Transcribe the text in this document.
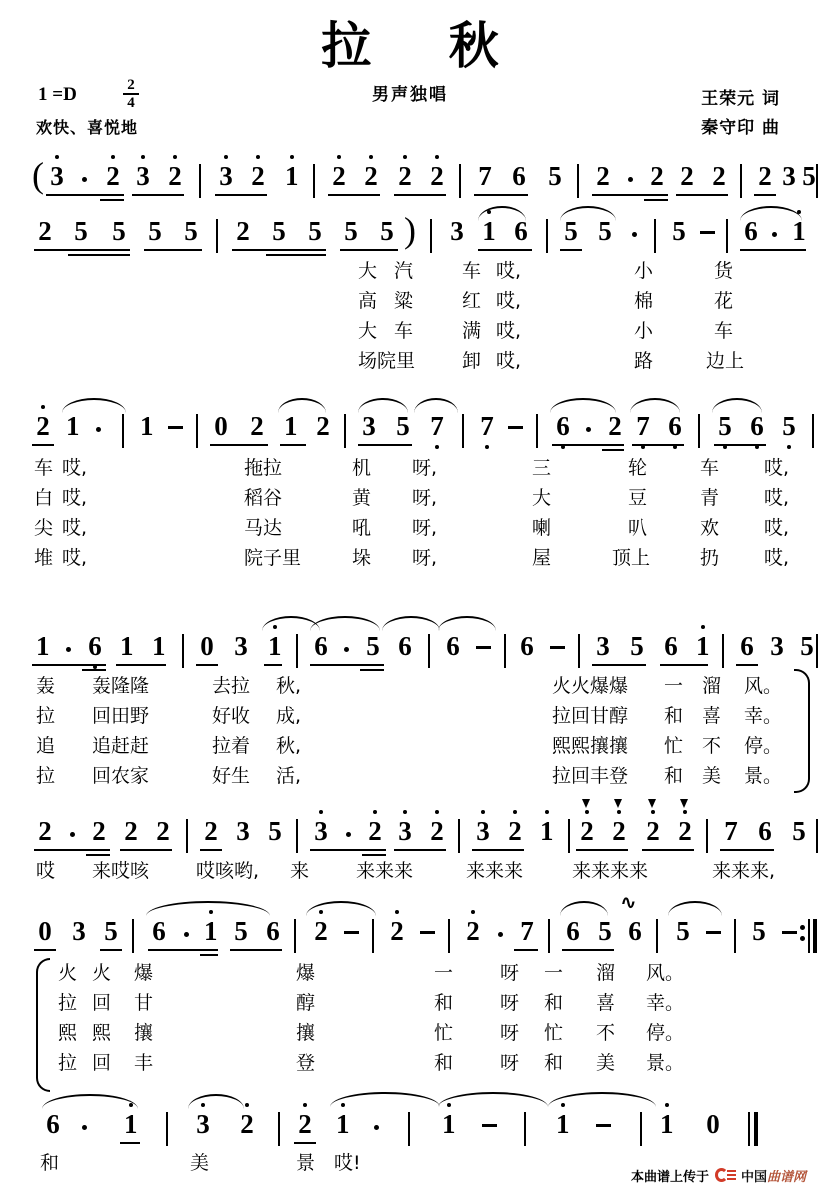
拉 秋
男声独唱
1 =D	2
4
欢快、喜悦地
王荣元 词
秦守印 曲
( 3 2 3 2 3 2 1 2 2 2 2 7 6 5 2 2 2 2 2 3 5
2 5 5 5 5 2 5 5 5 5 ) 3 1 6 5 5 5 6 1
大 汽	车 哎,	小	货
高 粱	红 哎,	棉	花
大 车	满 哎,	小	车
场院里 卸 哎,	路	边上
2 1 1 0 2 1 2 3 5 7 7 6 2 7 6 5 6 5
车 哎,	拖拉	机 呀,	三	轮	车 哎,
白 哎,	稻谷	黄 呀,	大	豆	青 哎,
尖 哎,	马达	吼 呀,	喇	叭	欢 哎,
堆 哎,	院子里	垛 呀,	屋	顶上	扔 哎,
1 6 1 1 0 3 1 6 5 6 6 6 3 5 6 1 6 3 5
轰 轰隆隆	去拉 秋,	火火爆爆 一 溜 风。
拉 回田野	好收 成,	拉回甘醇 和 喜 幸。
追 追赶赶	拉着 秋,	熙熙攘攘 忙 不 停。
拉 回农家	好生 活,	拉回丰登 和 美 景。
2 2 2 2 2 3 5 3 2 3 2 3 2 1 2 2 2 2 7 6 5
哎 来哎咳 哎咳哟, 来 来来来	来来来	来来来来	来来来,
0 3 5 6 1 5 6 2 2 2 7 6 5
∿
6 5 5
火 火 爆	爆	一 呀 一 溜 风。
拉 回 甘	醇	和 呀 和 喜 幸。
熙 熙 攘	攘	忙 呀 忙 不 停。
拉 回 丰	登	和 呀 和 美 景。
6 1 3 2 2 1	1	1	1 0
和	美	景 哎!
本曲谱上传于 中国 曲谱网
